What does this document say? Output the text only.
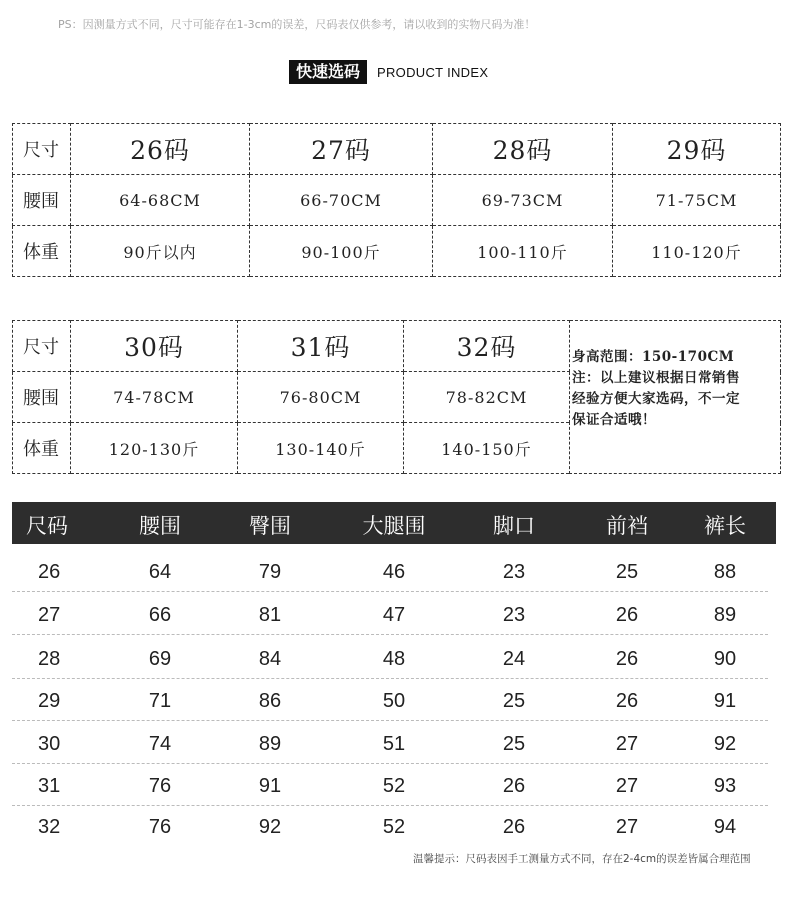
PS：因测量方式不同，尺寸可能存在1-3cm的误差，尺码表仅供参考，请以收到的实物尺码为准！
快速选码	PRODUCT INDEX
尺寸	26码	27码	28码	29码
腰围	64-68CM	66-70CM	69-73CM	71-75CM
体重	90斤以内	90-100斤	100-110斤	110-120斤
尺寸	30码	31码	32码	身高范围：150-170CM
注：以上建议根据日常销售
经验方便大家选码，不一定
保证合适哦！

腰围	74-78CM	76-80CM	78-82CM	
体重	120-130斤	130-140斤	140-150斤	
尺码	腰围	臀围	大腿围	脚口	前裆	裤长
26	64	79	46	23	25	88
27	66	81	47	23	26	89
28	69	84	48	24	26	90
29	71	86	50	25	26	91
30	74	89	51	25	27	92
31	76	91	52	26	27	93
32	76	92	52	26	27	94
温馨提示：尺码表因手工测量方式不同，存在2-4cm的误差皆属合理范围
